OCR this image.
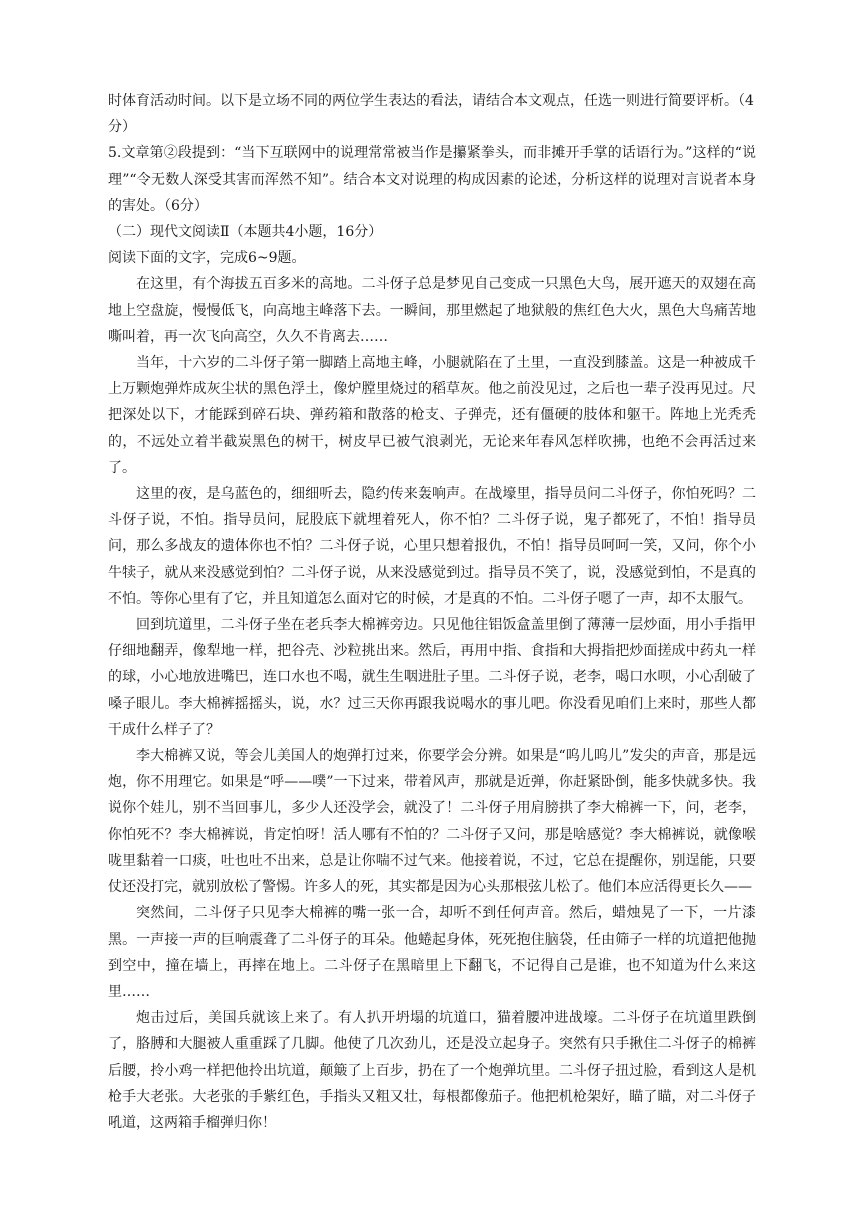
时体育活动时间。以下是立场不同的两位学生表达的看法，请结合本文观点，任选一则进行简要评析。（4

分）

5.文章第②段提到：“当下互联网中的说理常常被当作是攥紧拳头，而非摊开手掌的话语行为。”这样的“说理”“令无数人深受其害而浑然不知”。结合本文对说理的构成因素的论述，分析这样的说理对言说者本身的害处。（6分）

（二）现代文阅读Ⅱ（本题共4小题，16分）

阅读下面的文字，完成6~9题。

在这里，有个海拔五百多米的高地。二斗伢子总是梦见自己变成一只黑色大鸟，展开遮天的双翅在高地上空盘旋，慢慢低飞，向高地主峰落下去。一瞬间，那里燃起了地狱般的焦红色大火，黑色大鸟痛苦地嘶叫着，再一次飞向高空，久久不肯离去……

当年，十六岁的二斗伢子第一脚踏上高地主峰，小腿就陷在了土里，一直没到膝盖。这是一种被成千上万颗炮弹炸成灰尘状的黑色浮土，像炉膛里烧过的稻草灰。他之前没见过，之后也一辈子没再见过。尺把深处以下，才能踩到碎石块、弹药箱和散落的枪支、子弹壳，还有僵硬的肢体和躯干。阵地上光秃秃的，不远处立着半截炭黑色的树干，树皮早已被气浪剥光，无论来年春风怎样吹拂，也绝不会再活过来了。

这里的夜，是乌蓝色的，细细听去，隐约传来轰响声。在战壕里，指导员问二斗伢子，你怕死吗？二斗伢子说，不怕。指导员问，屁股底下就埋着死人，你不怕？二斗伢子说，鬼子都死了，不怕！指导员问，那么多战友的遗体你也不怕？二斗伢子说，心里只想着报仇，不怕！指导员呵呵一笑，又问，你个小牛犊子，就从来没感觉到怕？二斗伢子说，从来没感觉到过。指导员不笑了，说，没感觉到怕，不是真的不怕。等你心里有了它，并且知道怎么面对它的时候，才是真的不怕。二斗伢子嗯了一声，却不太服气。

回到坑道里，二斗伢子坐在老兵李大棉裤旁边。只见他往铝饭盒盖里倒了薄薄一层炒面，用小手指甲仔细地翻弄，像犁地一样，把谷壳、沙粒挑出来。然后，再用中指、食指和大拇指把炒面搓成中药丸一样的球，小心地放进嘴巴，连口水也不喝，就生生咽进肚子里。二斗伢子说，老李，喝口水呗，小心刮破了嗓子眼儿。李大棉裤摇摇头，说，水？过三天你再跟我说喝水的事儿吧。你没看见咱们上来时，那些人都干成什么样子了？

李大棉裤又说，等会儿美国人的炮弹打过来，你要学会分辨。如果是“呜儿呜儿”发尖的声音，那是远炮，你不用理它。如果是“呼——噗”一下过来，带着风声，那就是近弹，你赶紧卧倒，能多快就多快。我说你个娃儿，别不当回事儿，多少人还没学会，就没了！二斗伢子用肩膀拱了李大棉裤一下，问，老李，你怕死不？李大棉裤说，肯定怕呀！活人哪有不怕的？二斗伢子又问，那是啥感觉？李大棉裤说，就像喉咙里黏着一口痰，吐也吐不出来，总是让你喘不过气来。他接着说，不过，它总在提醒你，别逞能，只要仗还没打完，就别放松了警惕。许多人的死，其实都是因为心头那根弦儿松了。他们本应活得更长久——

突然间，二斗伢子只见李大棉裤的嘴一张一合，却听不到任何声音。然后，蜡烛晃了一下，一片漆黑。一声接一声的巨响震聋了二斗伢子的耳朵。他蜷起身体，死死抱住脑袋，任由筛子一样的坑道把他抛到空中，撞在墙上，再摔在地上。二斗伢子在黑暗里上下翻飞，不记得自己是谁，也不知道为什么来这里……

炮击过后，美国兵就该上来了。有人扒开坍塌的坑道口，猫着腰冲进战壕。二斗伢子在坑道里跌倒了，胳膊和大腿被人重重踩了几脚。他使了几次劲儿，还是没立起身子。突然有只手揪住二斗伢子的棉裤后腰，拎小鸡一样把他拎出坑道，颠簸了上百步，扔在了一个炮弹坑里。二斗伢子扭过脸，看到这人是机枪手大老张。大老张的手紫红色，手指头又粗又壮，每根都像茄子。他把机枪架好，瞄了瞄，对二斗伢子吼道，这两箱手榴弹归你！
